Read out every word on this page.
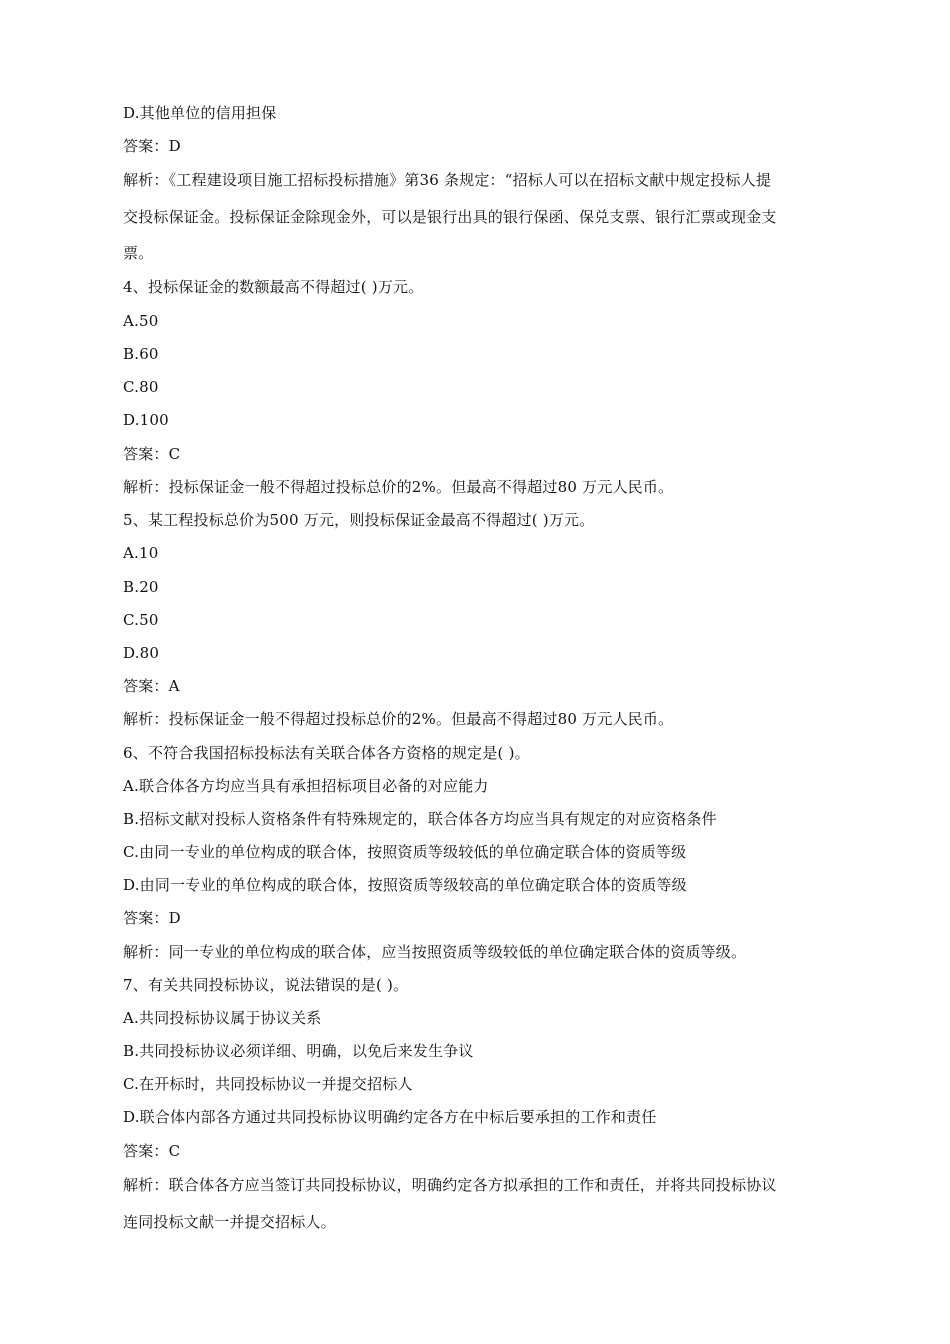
D.其他单位的信用担保
答案：D
解析：《工程建设项目施工招标投标措施》第36 条规定：“招标人可以在招标文献中规定投标人提
交投标保证金。投标保证金除现金外，可以是银行出具的银行保函、保兑支票、银行汇票或现金支
票。
4、投标保证金的数额最高不得超过( )万元。
A.50
B.60
C.80
D.100
答案：C
解析：投标保证金一般不得超过投标总价的2%。但最高不得超过80 万元人民币。
5、某工程投标总价为500 万元，则投标保证金最高不得超过( )万元。
A.10
B.20
C.50
D.80
答案：A
解析：投标保证金一般不得超过投标总价的2%。但最高不得超过80 万元人民币。
6、不符合我国招标投标法有关联合体各方资格的规定是( )。
A.联合体各方均应当具有承担招标项目必备的对应能力
B.招标文献对投标人资格条件有特殊规定的，联合体各方均应当具有规定的对应资格条件
C.由同一专业的单位构成的联合体，按照资质等级较低的单位确定联合体的资质等级
D.由同一专业的单位构成的联合体，按照资质等级较高的单位确定联合体的资质等级
答案：D
解析：同一专业的单位构成的联合体，应当按照资质等级较低的单位确定联合体的资质等级。
7、有关共同投标协议，说法错误的是( )。
A.共同投标协议属于协议关系
B.共同投标协议必须详细、明确，以免后来发生争议
C.在开标时，共同投标协议一并提交招标人
D.联合体内部各方通过共同投标协议明确约定各方在中标后要承担的工作和责任
答案：C
解析：联合体各方应当签订共同投标协议，明确约定各方拟承担的工作和责任，并将共同投标协议
连同投标文献一并提交招标人。
